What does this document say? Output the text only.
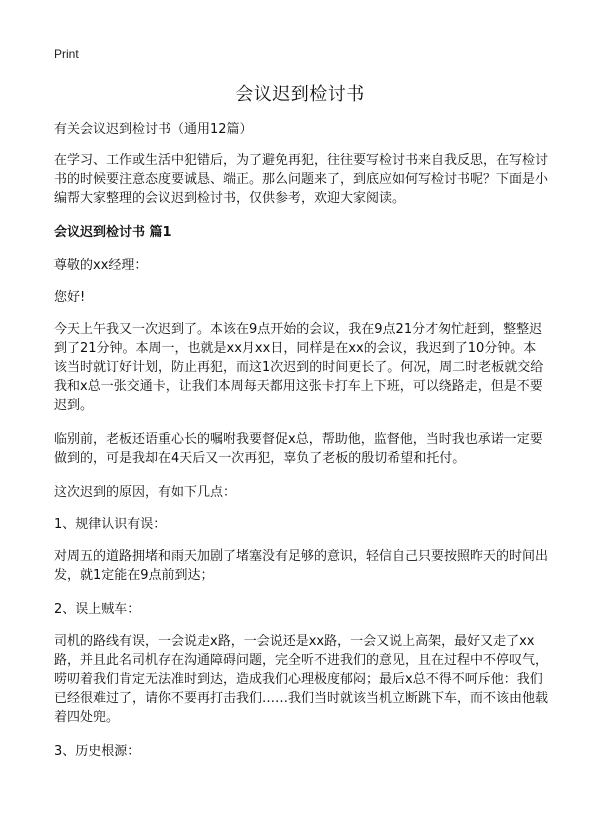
Print
会议迟到检讨书

有关会议迟到检讨书（通用12篇）

在学习、工作或生活中犯错后，为了避免再犯，往往要写检讨书来自我反思，在写检讨书的时候要注意态度要诚恳、端正。那么问题来了，到底应如何写检讨书呢？下面是小编帮大家整理的会议迟到检讨书，仅供参考，欢迎大家阅读。

会议迟到检讨书 篇1

尊敬的xx经理：

您好!

今天上午我又一次迟到了。本该在9点开始的会议，我在9点21分才匆忙赶到，整整迟到了21分钟。本周一，也就是xx月xx日，同样是在xx的会议，我迟到了10分钟。本该当时就订好计划，防止再犯，而这1次迟到的时间更长了。何况，周二时老板就交给我和x总一张交通卡，让我们本周每天都用这张卡打车上下班，可以绕路走，但是不要迟到。

临别前，老板还语重心长的嘱咐我要督促x总，帮助他，监督他，当时我也承诺一定要做到的，可是我却在4天后又一次再犯，辜负了老板的殷切希望和托付。

这次迟到的原因，有如下几点：

1、规律认识有误：

对周五的道路拥堵和雨天加剧了堵塞没有足够的意识，轻信自己只要按照昨天的时间出发，就1定能在9点前到达；

2、误上贼车：

司机的路线有误，一会说走x路，一会说还是xx路，一会又说上高架，最好又走了xx路，并且此名司机存在沟通障碍问题，完全听不进我们的意见，且在过程中不停叹气，唠叨着我们肯定无法准时到达，造成我们心理极度郁闷；最后x总不得不呵斥他：我们已经很难过了，请你不要再打击我们……我们当时就该当机立断跳下车，而不该由他载着四处兜。

3、历史根源：
